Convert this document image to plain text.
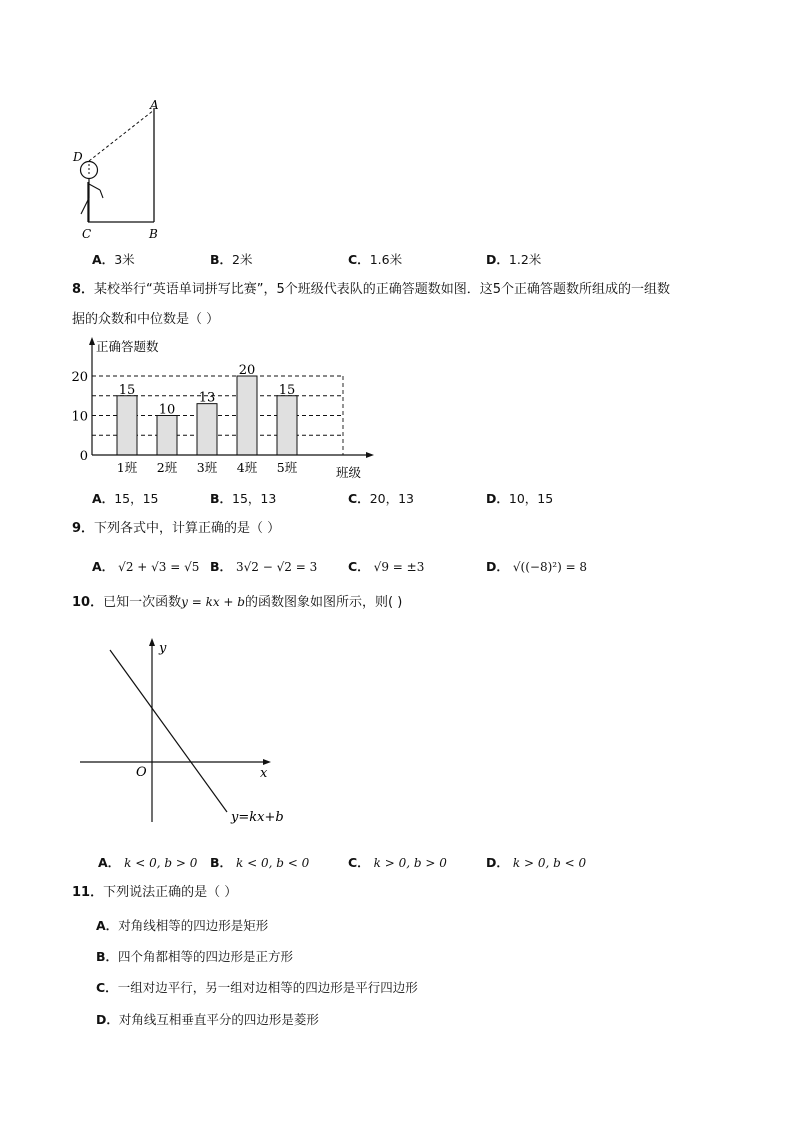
A
D
C	B
A．3米	B．2米	C．1.6米	D．1.2米
8．某校举行“英语单词拼写比赛”，5个班级代表队的正确答题数如图．这5个正确答题数所组成的一组数
据的众数和中位数是（ ）
0
10
20
15
1班
10
2班
13
3班
20
4班
15
5班
正确答题数
班级
A．15，15	B．15，13	C．20，13	D．10，15
9．下列各式中，计算正确的是（ ）
A． √2 + √3 = √5 B． 3√2 − √2 = 3 C． √9 = ±3	D． √((−8)²) = 8
10．已知一次函数y = kx + b的函数图象如图所示，则( )
y
x
O
y=kx+b
A． k < 0, b > 0 B． k < 0, b < 0	C． k > 0, b > 0	D． k > 0, b < 0
11．下列说法正确的是（ ）
A．对角线相等的四边形是矩形
B．四个角都相等的四边形是正方形
C．一组对边平行，另一组对边相等的四边形是平行四边形
D．对角线互相垂直平分的四边形是菱形
